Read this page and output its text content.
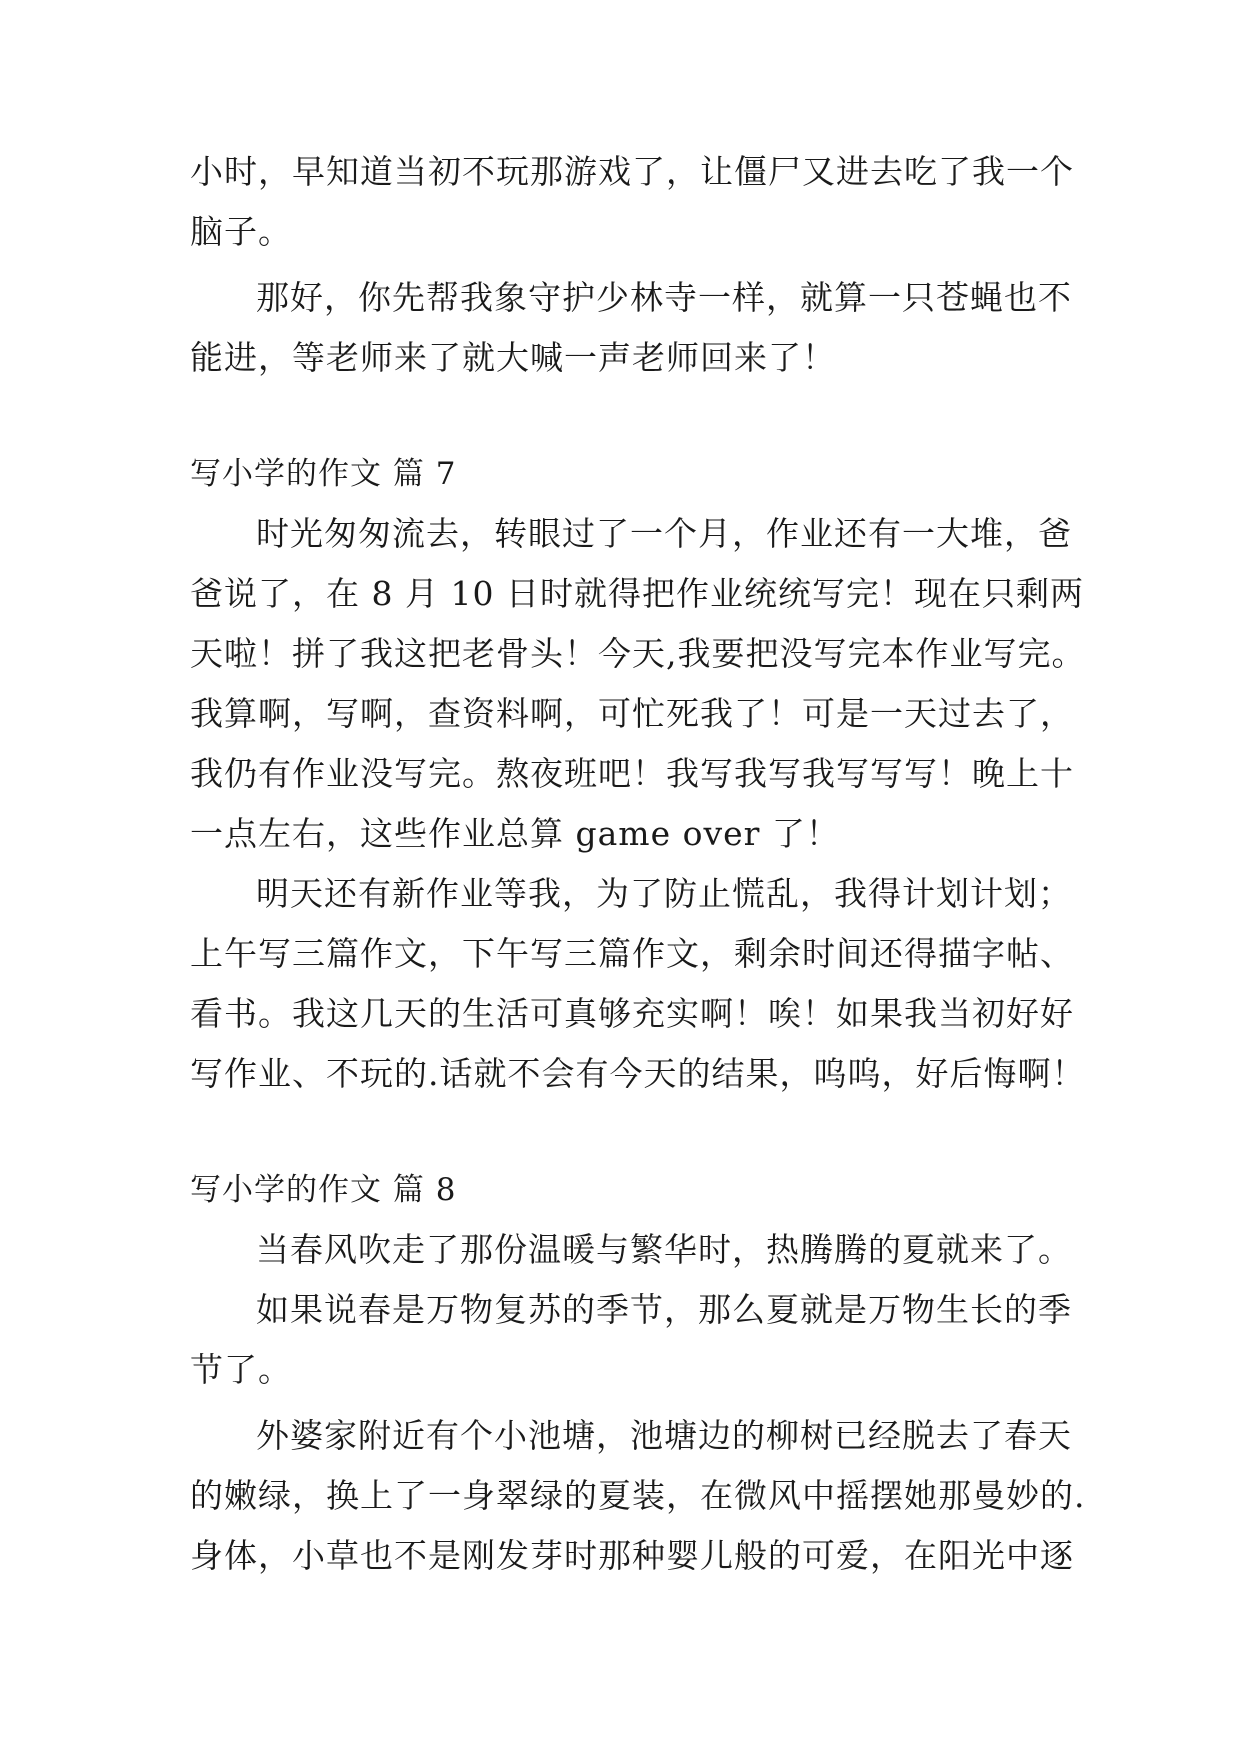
小时，早知道当初不玩那游戏了，让僵尸又进去吃了我一个
脑子。
那好，你先帮我象守护少林寺一样，就算一只苍蝇也不
能进，等老师来了就大喊一声老师回来了！
写小学的作文 篇 7
时光匆匆流去，转眼过了一个月，作业还有一大堆，爸
爸说了，在 8 月 10 日时就得把作业统统写完！现在只剩两
天啦！拼了我这把老骨头！今天,我要把没写完本作业写完。
我算啊，写啊，查资料啊，可忙死我了！可是一天过去了，
我仍有作业没写完。熬夜班吧！我写我写我写写写！晚上十
一点左右，这些作业总算 game over 了！
明天还有新作业等我，为了防止慌乱，我得计划计划；
上午写三篇作文，下午写三篇作文，剩余时间还得描字帖、
看书。我这几天的生活可真够充实啊！唉！如果我当初好好
写作业、不玩的.话就不会有今天的结果，呜呜，好后悔啊！
写小学的作文 篇 8
当春风吹走了那份温暖与繁华时，热腾腾的夏就来了。
如果说春是万物复苏的季节，那么夏就是万物生长的季
节了。
外婆家附近有个小池塘，池塘边的柳树已经脱去了春天
的嫩绿，换上了一身翠绿的夏装，在微风中摇摆她那曼妙的.
身体，小草也不是刚发芽时那种婴儿般的可爱，在阳光中逐
